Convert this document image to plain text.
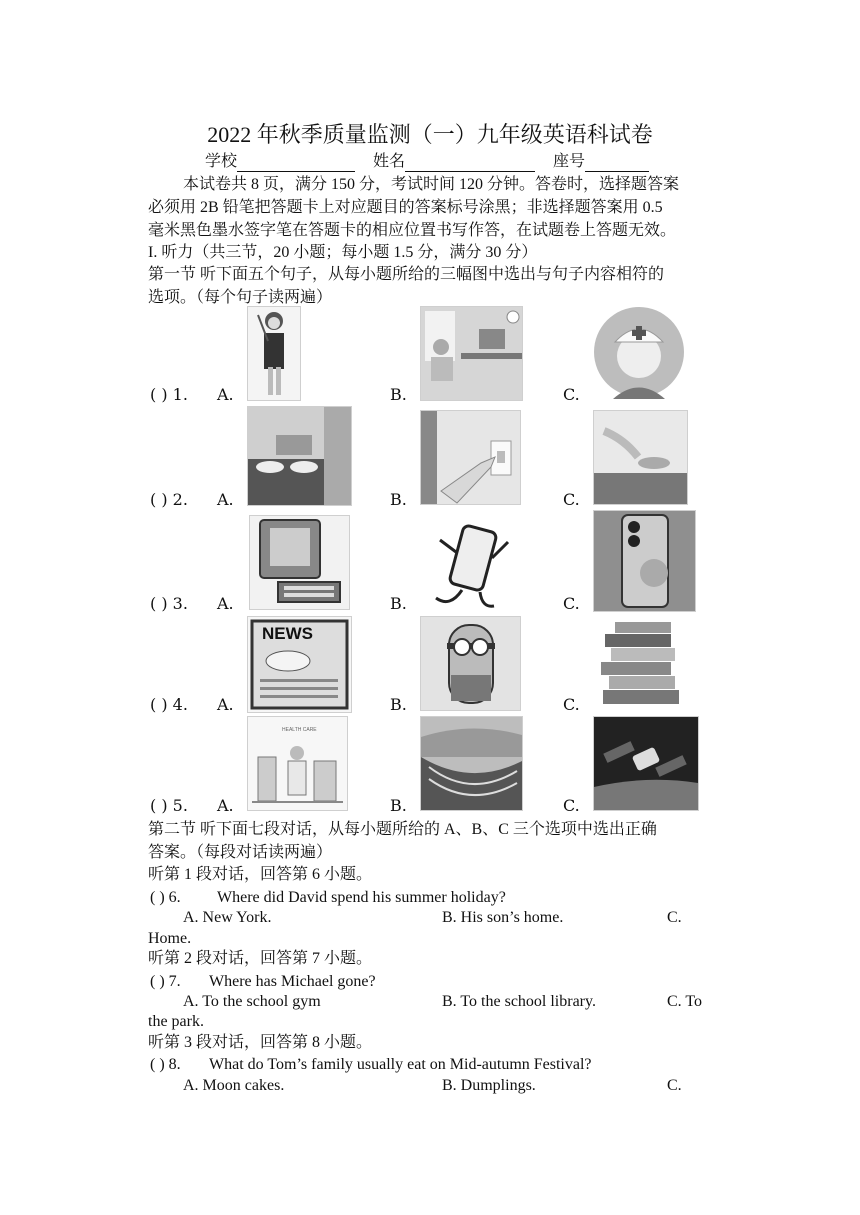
2022 年秋季质量监测（一）九年级英语科试卷
学校	姓名	座号
本试卷共 8 页，满分 150 分，考试时间 120 分钟。答卷时，选择题答案
必须用 2B 铅笔把答题卡上对应题目的答案标号涂黑；非选择题答案用 0.5
毫米黑色墨水签字笔在答题卡的相应位置书写作答，在试题卷上答题无效。
I. 听力（共三节，20 小题；每小题 1.5 分，满分 30 分）
第一节 听下面五个句子，从每小题所给的三幅图中选出与句子内容相符的
选项。（每个句子读两遍）
( ) 1. A.	B.	C.
( ) 2. A.	B.	C.
( ) 3. A.	B.	C.
( ) 4. A.	B.	C.
NEWS
( ) 5. A.	B.	C.
HEALTH CARE
第二节 听下面七段对话，从每小题所给的 A、B、C 三个选项中选出正确
答案。（每段对话读两遍）
听第 1 段对话，回答第 6 小题。
( ) 6. Where did David spend his summer holiday?
A. New York.	B. His son’s home.	C.
Home.
听第 2 段对话，回答第 7 小题。
( ) 7. Where has Michael gone?
A. To the school gym	B. To the school library.	C. To
the park.
听第 3 段对话，回答第 8 小题。
( ) 8. What do Tom’s family usually eat on Mid-autumn Festival?
A. Moon cakes.	B. Dumplings.	C.
